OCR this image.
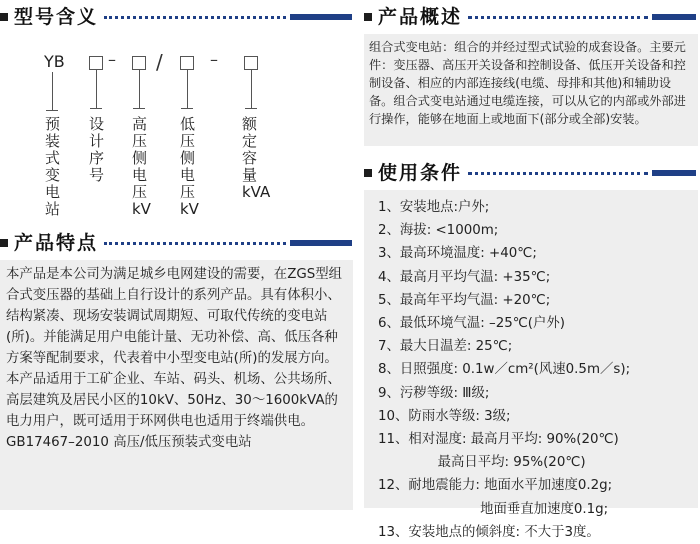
型号含义
YB	– /	–
预
装
式
变
电
站
设
计
序
号
高
压
侧
电
压
kV
低
压
侧
电
压
kV
额
定
容
量
kVA
产品特点
本产品是本公司为满足城乡电网建设的需要，在ZGS型组合式变压器的基础上自行设计的系列产品。具有体积小、结构紧凑、现场安装调试周期短、可取代传统的变电站(所)。并能满足用户电能计量、无功补偿、高、低压各种方案等配制要求，代表着中小型变电站(所)的发展方向。
本产品适用于工矿企业、车站、码头、机场、公共场所、高层建筑及居民小区的10kV、50Hz、30～1600kVA的电力用户，既可适用于环网供电也适用于终端供电。
GB17467–2010 高压/低压预装式变电站
产品概述
组合式变电站：组合的并经过型式试验的成套设备。主要元件：变压器、高压开关设备和控制设备、低压开关设备和控制设备、相应的内部连接线(电缆、母排和其他)和辅助设备。组合式变电站通过电缆连接，可以从它的内部或外部进行操作，能够在地面上或地面下(部分或全部)安装。
使用条件
1、安装地点:户外;
2、海拔: <1000m;
3、最高环境温度: +40℃;
4、最高月平均气温: +35℃;
5、最高年平均气温: +20℃;
6、最低环境气温: –25℃(户外)
7、最大日温差: 25℃;
8、日照强度: 0.1w／cm²(风速0.5m／s);
9、污秽等级: Ⅲ级;
10、防雨水等级: 3级;
11、相对湿度: 最高月平均: 90%(20℃)
最高日平均: 95%(20℃)
12、耐地震能力: 地面水平加速度0.2g;
地面垂直加速度0.1g;
13、安装地点的倾斜度: 不大于3度。
